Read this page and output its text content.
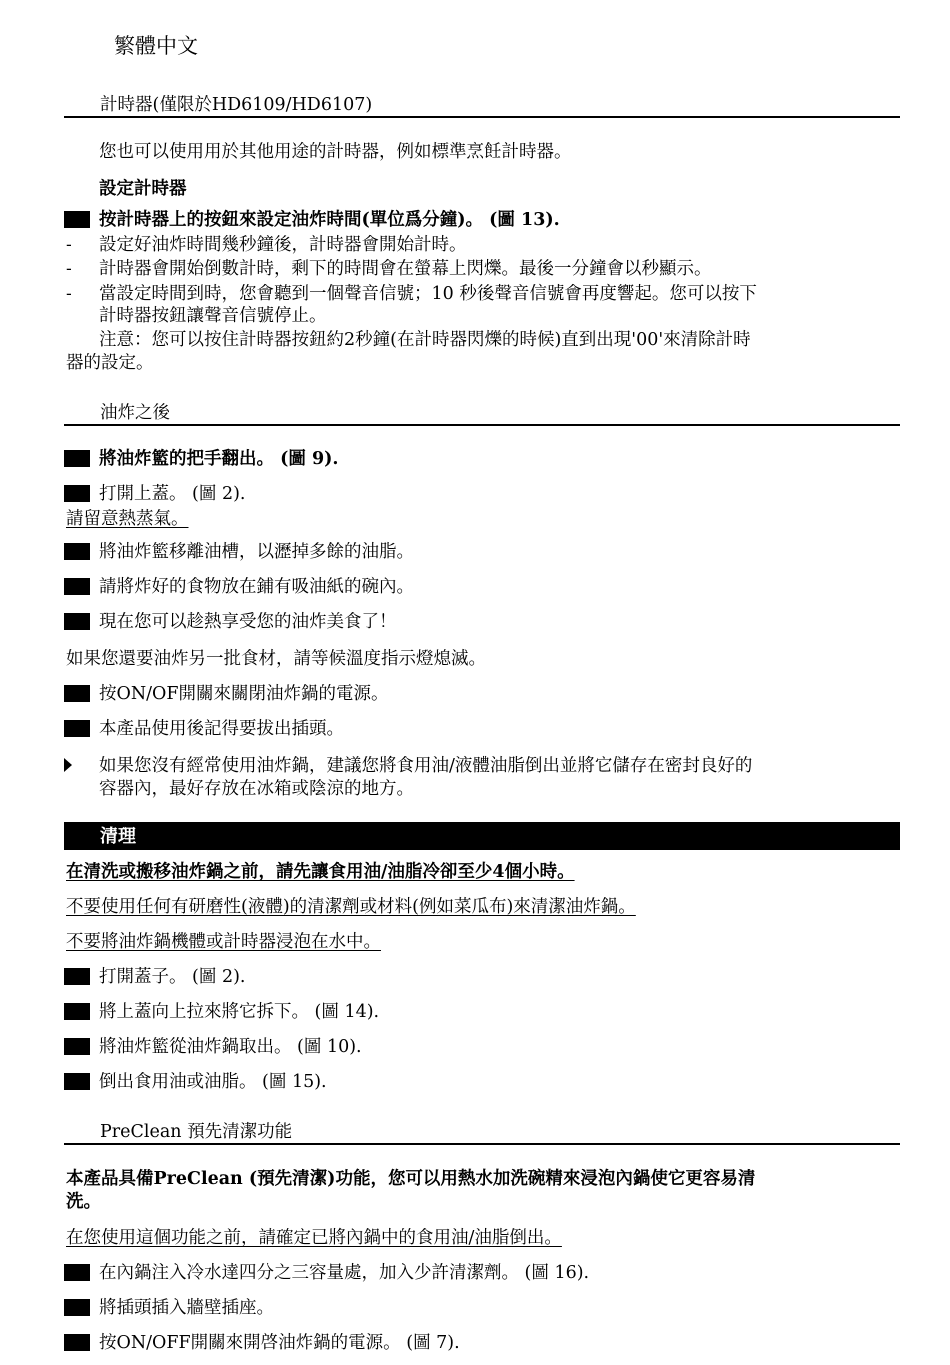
繁體中文
計時器(僅限於HD6109/HD6107)
您也可以使用用於其他用途的計時器，例如標準烹飪計時器。
設定計時器
按計時器上的按鈕來設定油炸時間(單位爲分鐘)。 (圖 13).
- 設定好油炸時間幾秒鐘後，計時器會開始計時。
- 計時器會開始倒數計時，剩下的時間會在螢幕上閃爍。最後一分鐘會以秒顯示。
- 當設定時間到時，您會聽到一個聲音信號；10 秒後聲音信號會再度響起。您可以按下
計時器按鈕讓聲音信號停止。
注意：您可以按住計時器按鈕約2秒鐘(在計時器閃爍的時候)直到出現'00'來清除計時
器的設定。
油炸之後
將油炸籃的把手翻出。 (圖 9).
打開上蓋。 (圖 2).
請留意熱蒸氣。
將油炸籃移離油槽，以瀝掉多餘的油脂。
請將炸好的食物放在鋪有吸油紙的碗內。
現在您可以趁熱享受您的油炸美食了！
如果您還要油炸另一批食材，請等候溫度指示燈熄滅。
按ON/OF開關來關閉油炸鍋的電源。
本產品使用後記得要拔出插頭。
如果您沒有經常使用油炸鍋，建議您將食用油/液體油脂倒出並將它儲存在密封良好的
容器內，最好存放在冰箱或陰涼的地方。
清理
在清洗或搬移油炸鍋之前，請先讓食用油/油脂冷卻至少4個小時。
不要使用任何有研磨性(液體)的清潔劑或材料(例如菜瓜布)來清潔油炸鍋。
不要將油炸鍋機體或計時器浸泡在水中。
打開蓋子。 (圖 2).
將上蓋向上拉來將它拆下。 (圖 14).
將油炸籃從油炸鍋取出。 (圖 10).
倒出食用油或油脂。 (圖 15).
PreClean 預先清潔功能
本產品具備PreClean (預先清潔)功能，您可以用熱水加洗碗精來浸泡內鍋使它更容易清
洗。
在您使用這個功能之前，請確定已將內鍋中的食用油/油脂倒出。
在內鍋注入冷水達四分之三容量處，加入少許清潔劑。 (圖 16).
將插頭插入牆壁插座。
按ON/OFF開關來開啓油炸鍋的電源。 (圖 7).
